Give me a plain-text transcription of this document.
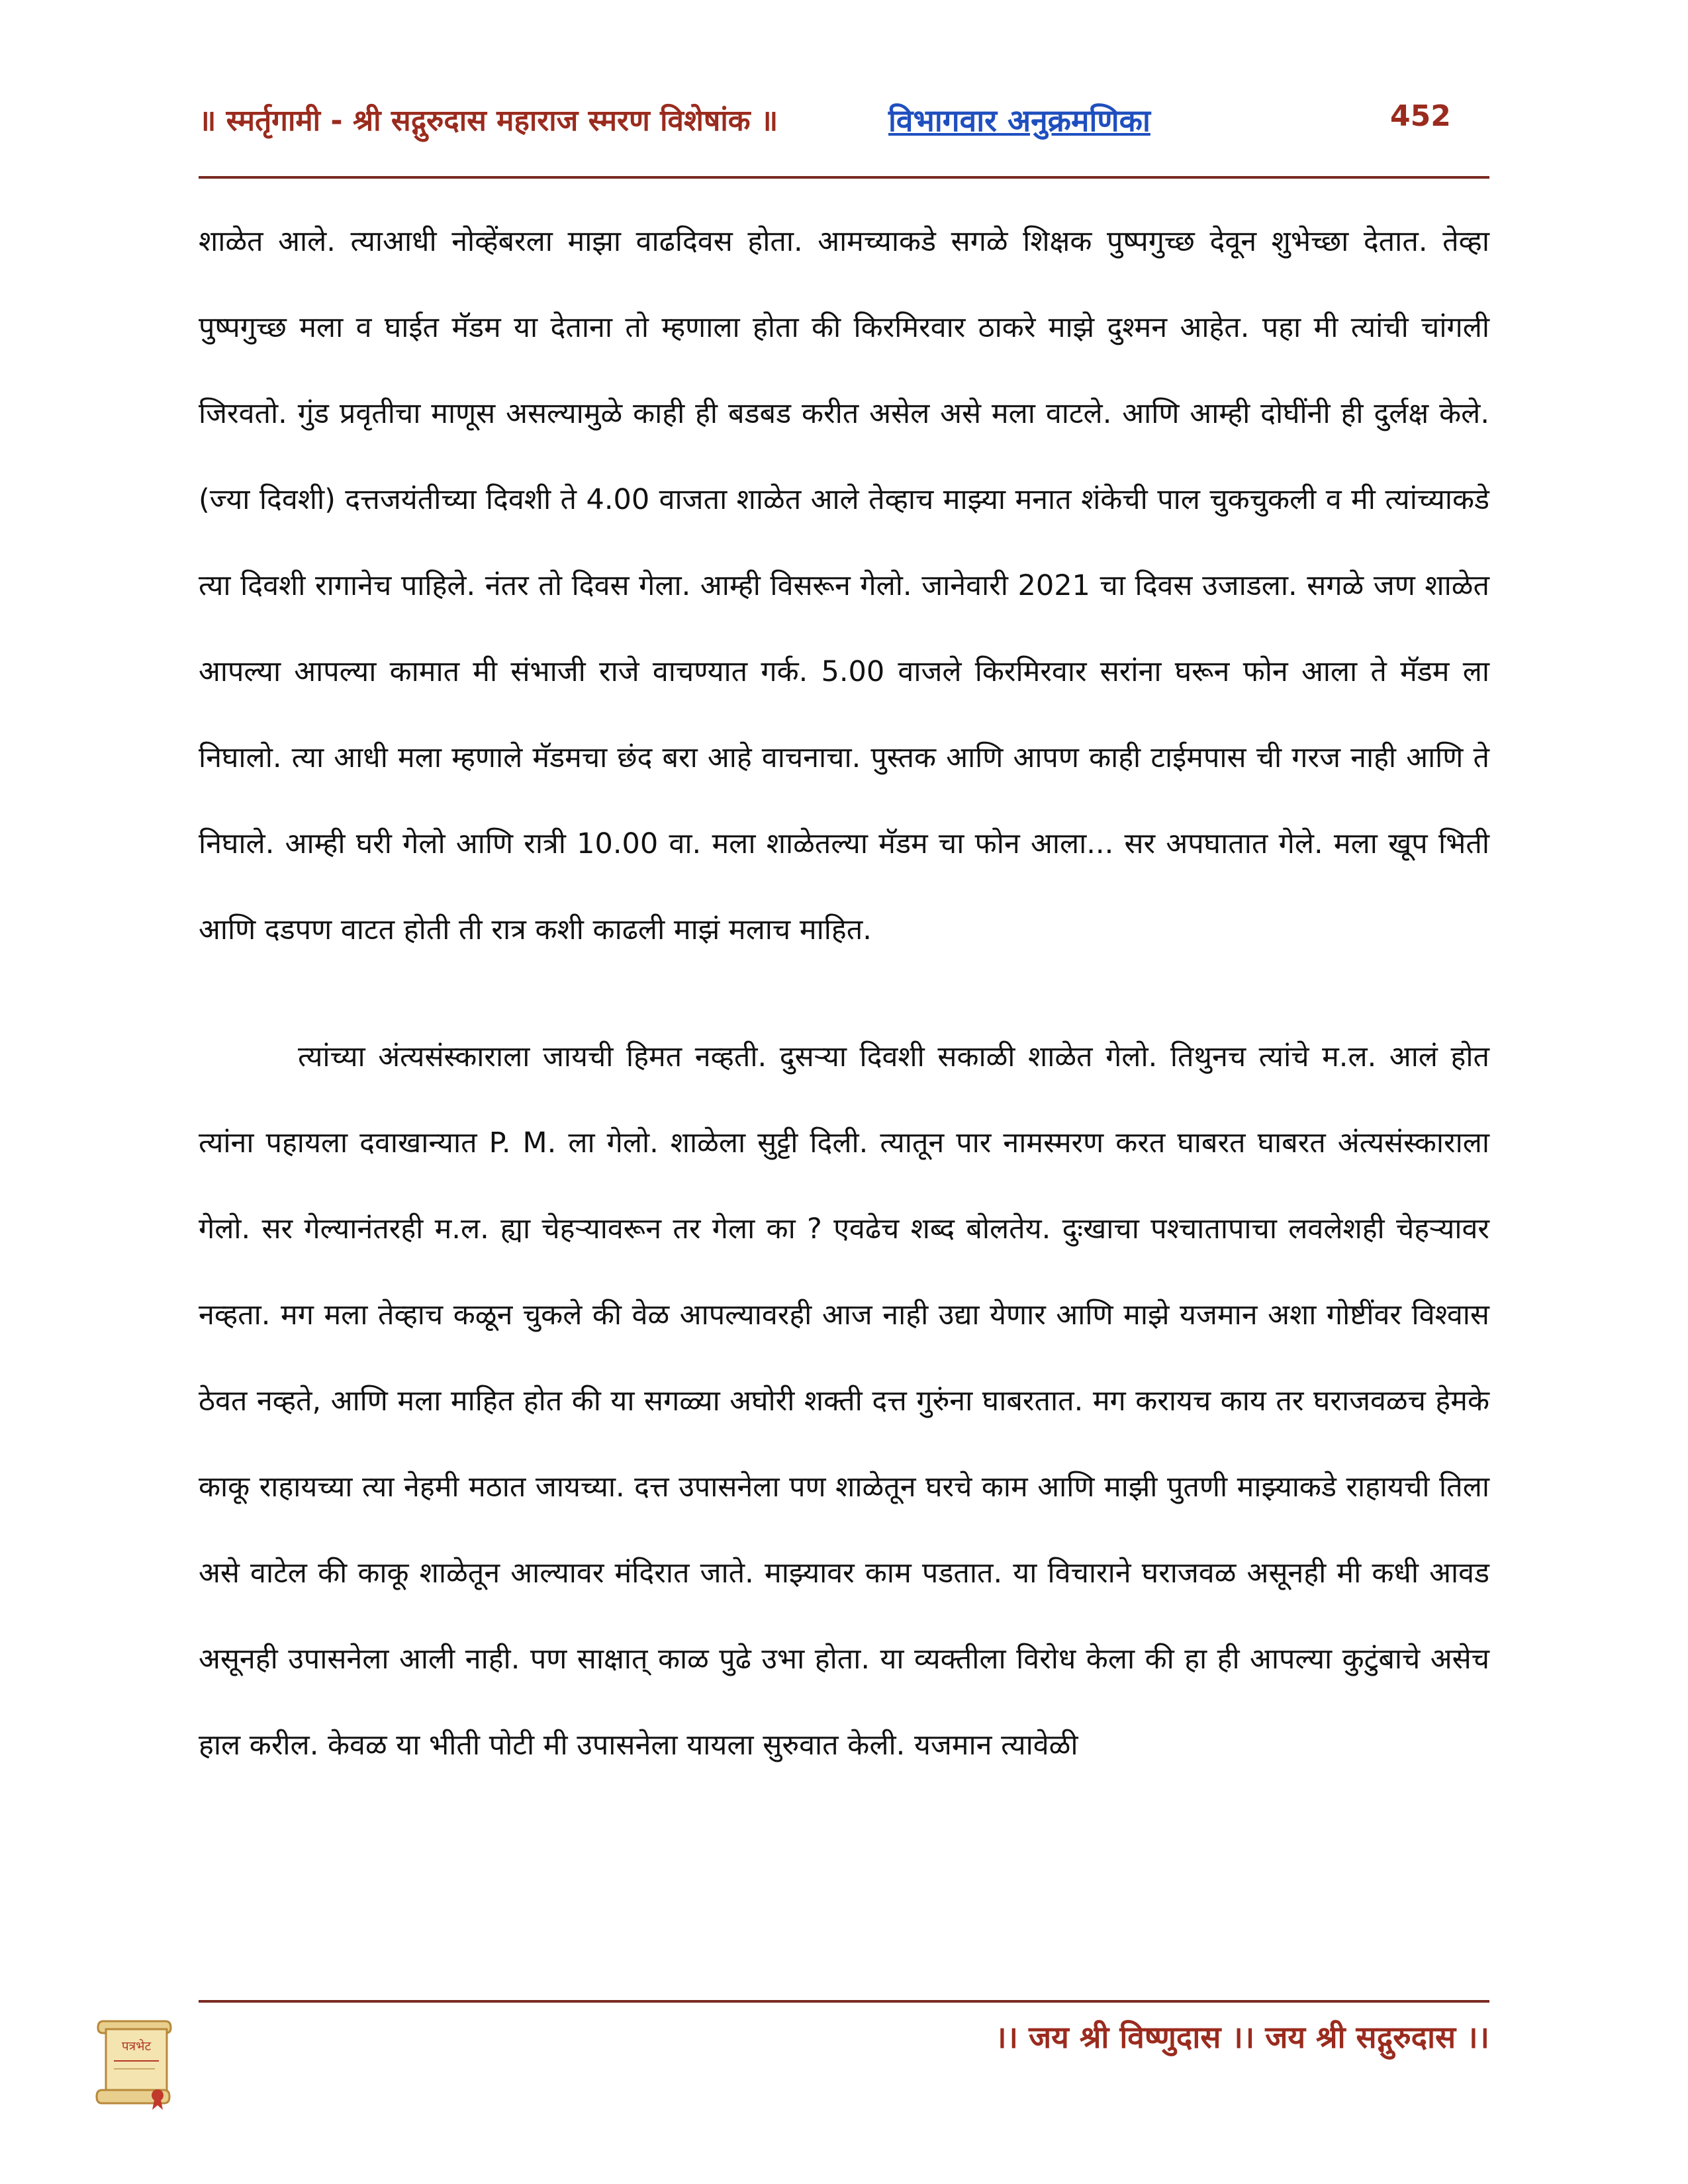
॥ स्मर्तृगामी - श्री सद्गुरुदास महाराज स्मरण विशेषांक ॥	विभागवार अनुक्रमणिका	452

शाळेत आले. त्याआधी नोव्हेंबरला माझा वाढदिवस होता. आमच्याकडे सगळे शिक्षक पुष्पगुच्छ देवून शुभेच्छा देतात. तेव्हा पुष्पगुच्छ मला व घाईत मॅडम या देताना तो म्हणाला होता की किरमिरवार ठाकरे माझे दुश्मन आहेत. पहा मी त्यांची चांगली जिरवतो. गुंड प्रवृतीचा माणूस असल्यामुळे काही ही बडबड करीत असेल असे मला वाटले. आणि आम्ही दोघींनी ही दुर्लक्ष केले. (ज्या दिवशी) दत्तजयंतीच्या दिवशी ते 4.00 वाजता शाळेत आले तेव्हाच माझ्या मनात शंकेची पाल चुकचुकली व मी त्यांच्याकडे त्या दिवशी रागानेच पाहिले. नंतर तो दिवस गेला. आम्ही विसरून गेलो. जानेवारी 2021 चा दिवस उजाडला. सगळे जण शाळेत आपल्या आपल्या कामात मी संभाजी राजे वाचण्यात गर्क. 5.00 वाजले किरमिरवार सरांना घरून फोन आला ते मॅडम ला निघालो. त्या आधी मला म्हणाले मॅडमचा छंद बरा आहे वाचनाचा. पुस्तक आणि आपण काही टाईमपास ची गरज नाही आणि ते निघाले. आम्ही घरी गेलो आणि रात्री 10.00 वा. मला शाळेतल्या मॅडम चा फोन आला... सर अपघातात गेले. मला खूप भिती आणि दडपण वाटत होती ती रात्र कशी काढली माझं मलाच माहित.

त्यांच्या अंत्यसंस्काराला जायची हिमत नव्हती. दुसऱ्या दिवशी सकाळी शाळेत गेलो. तिथुनच त्यांचे म.ल. आलं होत त्यांना पहायला दवाखान्यात P. M. ला गेलो. शाळेला सुट्टी दिली. त्यातून पार नामस्मरण करत घाबरत घाबरत अंत्यसंस्काराला गेलो. सर गेल्यानंतरही म.ल. ह्या चेहऱ्यावरून तर गेला का ? एवढेच शब्द बोलतेय. दुःखाचा पश्चातापाचा लवलेशही चेहऱ्यावर नव्हता. मग मला तेव्हाच कळून चुकले की वेळ आपल्यावरही आज नाही उद्या येणार आणि माझे यजमान अशा गोष्टींवर विश्वास ठेवत नव्हते, आणि मला माहित होत की या सगळ्या अघोरी शक्ती दत्त गुरुंना घाबरतात. मग करायच काय तर घराजवळच हेमके काकू राहायच्या त्या नेहमी मठात जायच्या. दत्त उपासनेला पण शाळेतून घरचे काम आणि माझी पुतणी माझ्याकडे राहायची तिला असे वाटेल की काकू शाळेतून आल्यावर मंदिरात जाते. माझ्यावर काम पडतात. या विचाराने घराजवळ असूनही मी कधी आवड असूनही उपासनेला आली नाही. पण साक्षात् काळ पुढे उभा होता. या व्यक्तीला विरोध केला की हा ही आपल्या कुटुंबाचे असेच हाल करील. केवळ या भीती पोटी मी उपासनेला यायला सुरुवात केली. यजमान त्यावेळी

पत्रभेट	।। जय श्री विष्णुदास ।। जय श्री सद्गुरुदास ।।
